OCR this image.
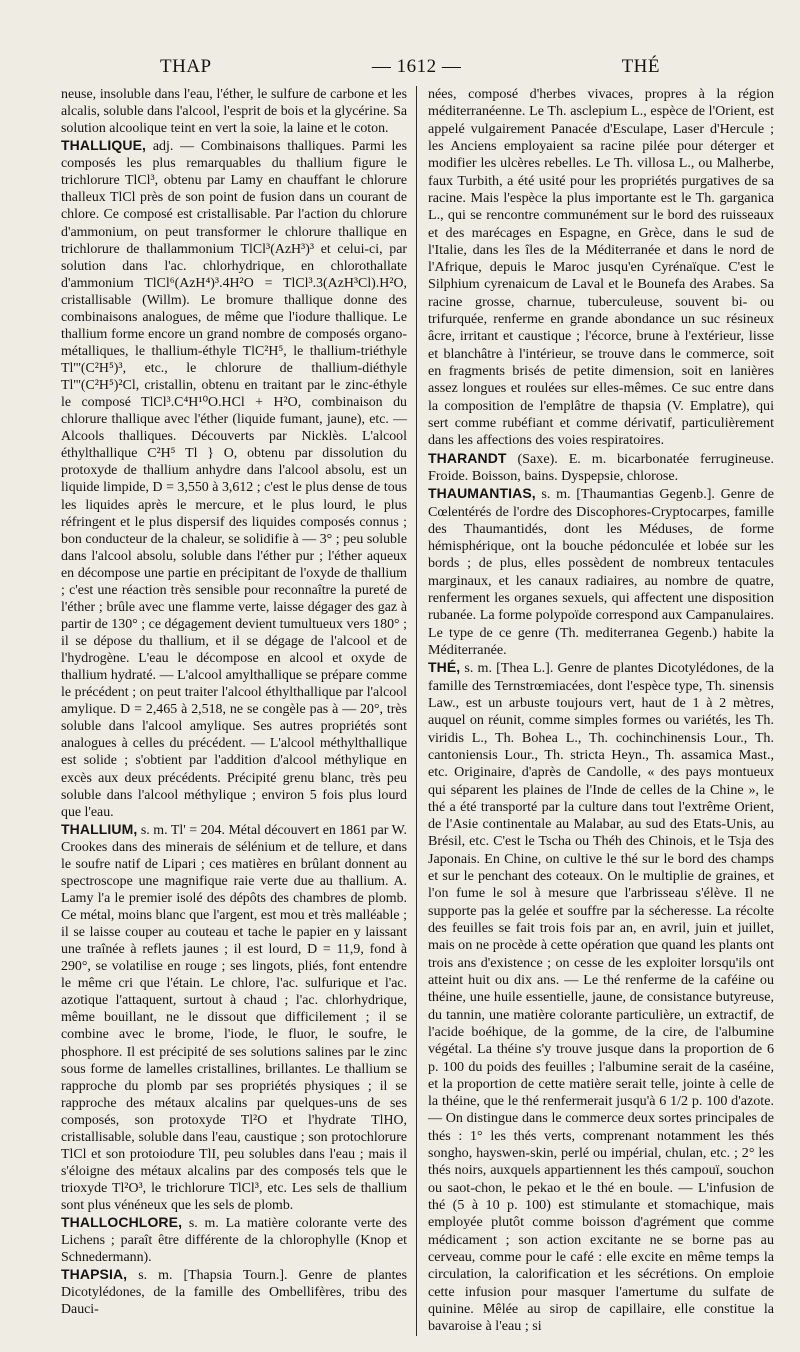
THAP	— 1612 —	THÉ

neuse, insoluble dans l'eau, l'éther, le sulfure de carbone et les alcalis, soluble dans l'alcool, l'esprit de bois et la glycérine. Sa solution alcoolique teint en vert la soie, la laine et le coton.

THALLIQUE, adj. — Combinaisons thalliques. Parmi les composés les plus remarquables du thallium figure le trichlorure TlCl³, obtenu par Lamy en chauffant le chlorure thalleux TlCl près de son point de fusion dans un courant de chlore. Ce composé est cristallisable. Par l'action du chlorure d'ammonium, on peut transformer le chlorure thallique en trichlorure de thallammonium TlCl³(AzH³)³ et celui-ci, par solution dans l'ac. chlorhydrique, en chlorothallate d'ammonium TlCl⁶(AzH⁴)³.4H²O = TlCl³.3(AzH³Cl).H²O, cristallisable (Willm). Le bromure thallique donne des combinaisons analogues, de même que l'iodure thallique. Le thallium forme encore un grand nombre de composés organo-métalliques, le thallium-éthyle TlC²H⁵, le thallium-triéthyle Tl'''(C²H⁵)³, etc., le chlorure de thallium-diéthyle Tl'''(C²H⁵)²Cl, cristallin, obtenu en traitant par le zinc-éthyle le composé TlCl³.C⁴H¹⁰O.HCl + H²O, combinaison du chlorure thallique avec l'éther (liquide fumant, jaune), etc. — Alcools thalliques. Découverts par Nicklès. L'alcool éthylthallique C²H⁵ Tl } O, obtenu par dissolution du protoxyde de thallium anhydre dans l'alcool absolu, est un liquide limpide, D = 3,550 à 3,612 ; c'est le plus dense de tous les liquides après le mercure, et le plus lourd, le plus réfringent et le plus dispersif des liquides composés connus ; bon conducteur de la chaleur, se solidifie à — 3° ; peu soluble dans l'alcool absolu, soluble dans l'éther pur ; l'éther aqueux en décompose une partie en précipitant de l'oxyde de thallium ; c'est une réaction très sensible pour reconnaître la pureté de l'éther ; brûle avec une flamme verte, laisse dégager des gaz à partir de 130° ; ce dégagement devient tumultueux vers 180° ; il se dépose du thallium, et il se dégage de l'alcool et de l'hydrogène. L'eau le décompose en alcool et oxyde de thallium hydraté. — L'alcool amylthallique se prépare comme le précédent ; on peut traiter l'alcool éthylthallique par l'alcool amylique. D = 2,465 à 2,518, ne se congèle pas à — 20°, très soluble dans l'alcool amylique. Ses autres propriétés sont analogues à celles du précédent. — L'alcool méthylthallique est solide ; s'obtient par l'addition d'alcool méthylique en excès aux deux précédents. Précipité grenu blanc, très peu soluble dans l'alcool méthylique ; environ 5 fois plus lourd que l'eau.

THALLIUM, s. m. Tl' = 204. Métal découvert en 1861 par W. Crookes dans des minerais de sélénium et de tellure, et dans le soufre natif de Lipari ; ces matières en brûlant donnent au spectroscope une magnifique raie verte due au thallium. A. Lamy l'a le premier isolé des dépôts des chambres de plomb. Ce métal, moins blanc que l'argent, est mou et très malléable ; il se laisse couper au couteau et tache le papier en y laissant une traînée à reflets jaunes ; il est lourd, D = 11,9, fond à 290°, se volatilise en rouge ; ses lingots, pliés, font entendre le même cri que l'étain. Le chlore, l'ac. sulfurique et l'ac. azotique l'attaquent, surtout à chaud ; l'ac. chlorhydrique, même bouillant, ne le dissout que difficilement ; il se combine avec le brome, l'iode, le fluor, le soufre, le phosphore. Il est précipité de ses solutions salines par le zinc sous forme de lamelles cristallines, brillantes. Le thallium se rapproche du plomb par ses propriétés physiques ; il se rapproche des métaux alcalins par quelques-uns de ses composés, son protoxyde Tl²O et l'hydrate TlHO, cristallisable, soluble dans l'eau, caustique ; son protochlorure TlCl et son protoiodure TlI, peu solubles dans l'eau ; mais il s'éloigne des métaux alcalins par des composés tels que le trioxyde Tl²O³, le trichlorure TlCl³, etc. Les sels de thallium sont plus vénéneux que les sels de plomb.

THALLOCHLORE, s. m. La matière colorante verte des Lichens ; paraît être différente de la chlorophylle (Knop et Schnedermann).

THAPSIA, s. m. [Thapsia Tourn.]. Genre de plantes Dicotylédones, de la famille des Ombellifères, tribu des Dauci-

nées, composé d'herbes vivaces, propres à la région méditerranéenne. Le Th. asclepium L., espèce de l'Orient, est appelé vulgairement Panacée d'Esculape, Laser d'Hercule ; les Anciens employaient sa racine pilée pour déterger et modifier les ulcères rebelles. Le Th. villosa L., ou Malherbe, faux Turbith, a été usité pour les propriétés purgatives de sa racine. Mais l'espèce la plus importante est le Th. garganica L., qui se rencontre communément sur le bord des ruisseaux et des marécages en Espagne, en Grèce, dans le sud de l'Italie, dans les îles de la Méditerranée et dans le nord de l'Afrique, depuis le Maroc jusqu'en Cyrénaïque. C'est le Silphium cyrenaicum de Laval et le Bounefa des Arabes. Sa racine grosse, charnue, tuberculeuse, souvent bi- ou trifurquée, renferme en grande abondance un suc résineux âcre, irritant et caustique ; l'écorce, brune à l'extérieur, lisse et blanchâtre à l'intérieur, se trouve dans le commerce, soit en fragments brisés de petite dimension, soit en lanières assez longues et roulées sur elles-mêmes. Ce suc entre dans la composition de l'emplâtre de thapsia (V. Emplatre), qui sert comme rubéfiant et comme dérivatif, particulièrement dans les affections des voies respiratoires.

THARANDT (Saxe). E. m. bicarbonatée ferrugineuse. Froide. Boisson, bains. Dyspepsie, chlorose.

THAUMANTIAS, s. m. [Thaumantias Gegenb.]. Genre de Cœlentérés de l'ordre des Discophores-Cryptocarpes, famille des Thaumantidés, dont les Méduses, de forme hémisphérique, ont la bouche pédonculée et lobée sur les bords ; de plus, elles possèdent de nombreux tentacules marginaux, et les canaux radiaires, au nombre de quatre, renferment les organes sexuels, qui affectent une disposition rubanée. La forme polypoïde correspond aux Campanulaires. Le type de ce genre (Th. mediterranea Gegenb.) habite la Méditerranée.

THÉ, s. m. [Thea L.]. Genre de plantes Dicotylédones, de la famille des Ternstrœmiacées, dont l'espèce type, Th. sinensis Law., est un arbuste toujours vert, haut de 1 à 2 mètres, auquel on réunit, comme simples formes ou variétés, les Th. viridis L., Th. Bohea L., Th. cochinchinensis Lour., Th. cantoniensis Lour., Th. stricta Heyn., Th. assamica Mast., etc. Originaire, d'après de Candolle, « des pays montueux qui séparent les plaines de l'Inde de celles de la Chine », le thé a été transporté par la culture dans tout l'extrême Orient, de l'Asie continentale au Malabar, au sud des Etats-Unis, au Brésil, etc. C'est le Tscha ou Théh des Chinois, et le Tsja des Japonais. En Chine, on cultive le thé sur le bord des champs et sur le penchant des coteaux. On le multiplie de graines, et l'on fume le sol à mesure que l'arbrisseau s'élève. Il ne supporte pas la gelée et souffre par la sécheresse. La récolte des feuilles se fait trois fois par an, en avril, juin et juillet, mais on ne procède à cette opération que quand les plants ont trois ans d'existence ; on cesse de les exploiter lorsqu'ils ont atteint huit ou dix ans. — Le thé renferme de la caféine ou théine, une huile essentielle, jaune, de consistance butyreuse, du tannin, une matière colorante particulière, un extractif, de l'acide boéhique, de la gomme, de la cire, de l'albumine végétal. La théine s'y trouve jusque dans la proportion de 6 p. 100 du poids des feuilles ; l'albumine serait de la caséine, et la proportion de cette matière serait telle, jointe à celle de la théine, que le thé renfermerait jusqu'à 6 1/2 p. 100 d'azote. — On distingue dans le commerce deux sortes principales de thés : 1° les thés verts, comprenant notamment les thés songho, hayswen-skin, perlé ou impérial, chulan, etc. ; 2° les thés noirs, auxquels appartiennent les thés campouï, souchon ou saot-chon, le pekao et le thé en boule. — L'infusion de thé (5 à 10 p. 100) est stimulante et stomachique, mais employée plutôt comme boisson d'agrément que comme médicament ; son action excitante ne se borne pas au cerveau, comme pour le café : elle excite en même temps la circulation, la calorification et les sécrétions. On emploie cette infusion pour masquer l'amertume du sulfate de quinine. Mêlée au sirop de capillaire, elle constitue la bavaroise à l'eau ; si
